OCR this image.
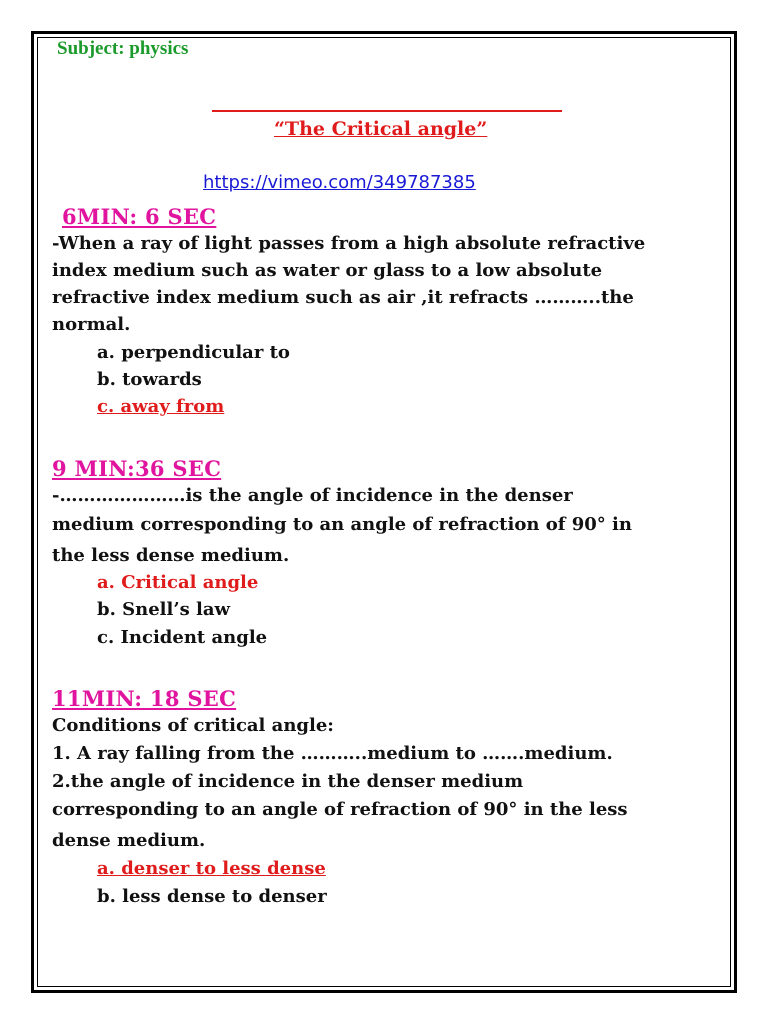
Subject: physics
“The Critical angle”
https://vimeo.com/349787385
6MIN: 6 SEC
-When a ray of light passes from a high absolute refractive
index medium such as water or glass to a low absolute
refractive index medium such as air ,it refracts ………..the
normal.
a. perpendicular to
b. towards
c. away from
9 MIN:36 SEC
-…………………is the angle of incidence in the denser
medium corresponding to an angle of refraction of 90° in
the less dense medium.
a. Critical angle
b. Snell’s law
c. Incident angle
11MIN: 18 SEC
Conditions of critical angle:
1. A ray falling from the ………..medium to …….medium.
2.the angle of incidence in the denser medium
corresponding to an angle of refraction of 90° in the less
dense medium.
a. denser to less dense
b. less dense to denser
